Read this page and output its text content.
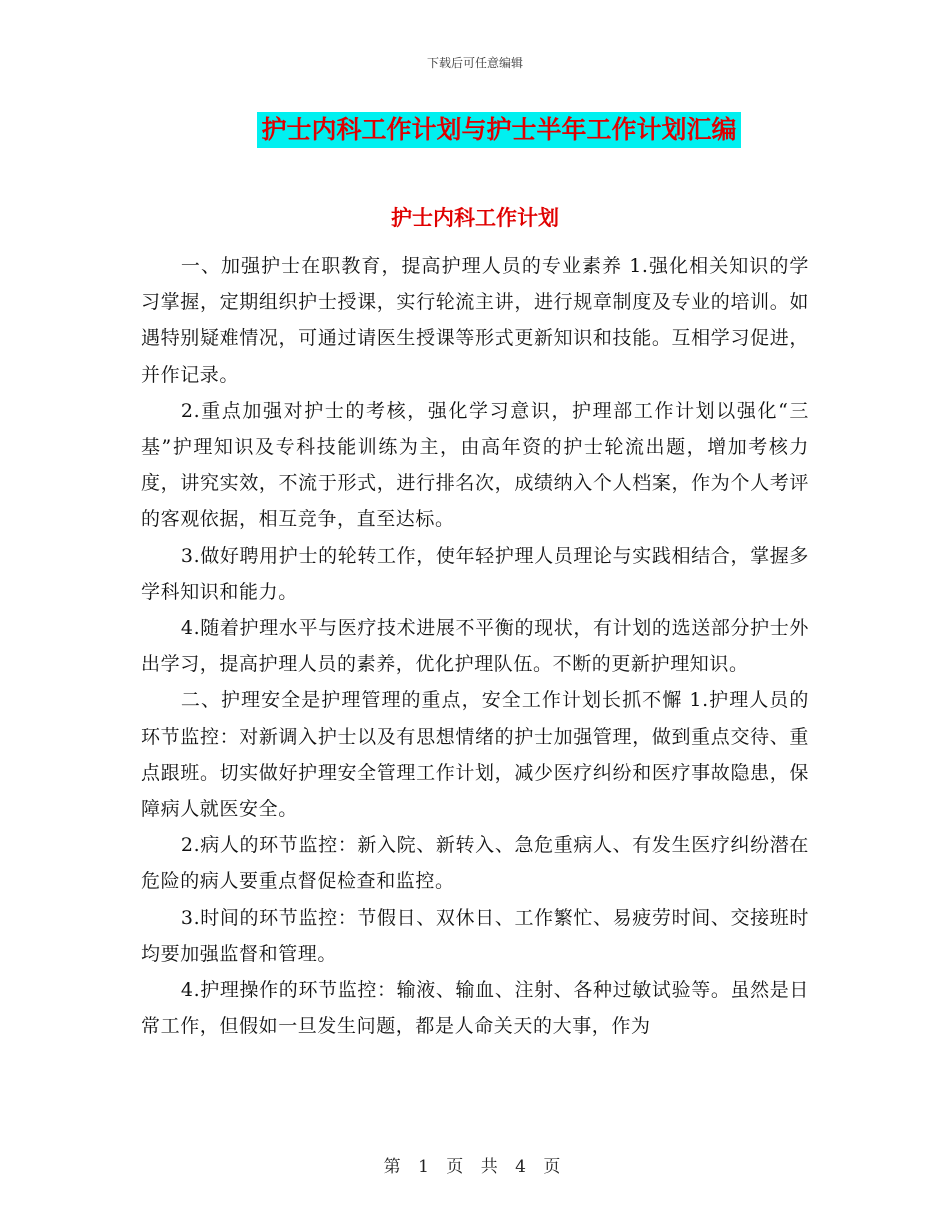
下载后可任意编辑
护士内科工作计划与护士半年工作计划汇编
护士内科工作计划

一、加强护士在职教育，提高护理人员的专业素养 1.强化相关知识的学习掌握，定期组织护士授课，实行轮流主讲，进行规章制度及专业的培训。如遇特别疑难情况，可通过请医生授课等形式更新知识和技能。互相学习促进，并作记录。

2.重点加强对护士的考核，强化学习意识，护理部工作计划以强化“三基”护理知识及专科技能训练为主，由高年资的护士轮流出题，增加考核力度，讲究实效，不流于形式，进行排名次，成绩纳入个人档案，作为个人考评的客观依据，相互竞争，直至达标。

3.做好聘用护士的轮转工作，使年轻护理人员理论与实践相结合，掌握多学科知识和能力。

4.随着护理水平与医疗技术进展不平衡的现状，有计划的选送部分护士外出学习，提高护理人员的素养，优化护理队伍。不断的更新护理知识。

二、护理安全是护理管理的重点，安全工作计划长抓不懈 1.护理人员的环节监控：对新调入护士以及有思想情绪的护士加强管理，做到重点交待、重点跟班。切实做好护理安全管理工作计划，减少医疗纠纷和医疗事故隐患，保障病人就医安全。

2.病人的环节监控：新入院、新转入、急危重病人、有发生医疗纠纷潜在危险的病人要重点督促检查和监控。

3.时间的环节监控：节假日、双休日、工作繁忙、易疲劳时间、交接班时均要加强监督和管理。

4.护理操作的环节监控：输液、输血、注射、各种过敏试验等。虽然是日常工作，但假如一旦发生问题，都是人命关天的大事，作为

第 1 页 共 4 页
